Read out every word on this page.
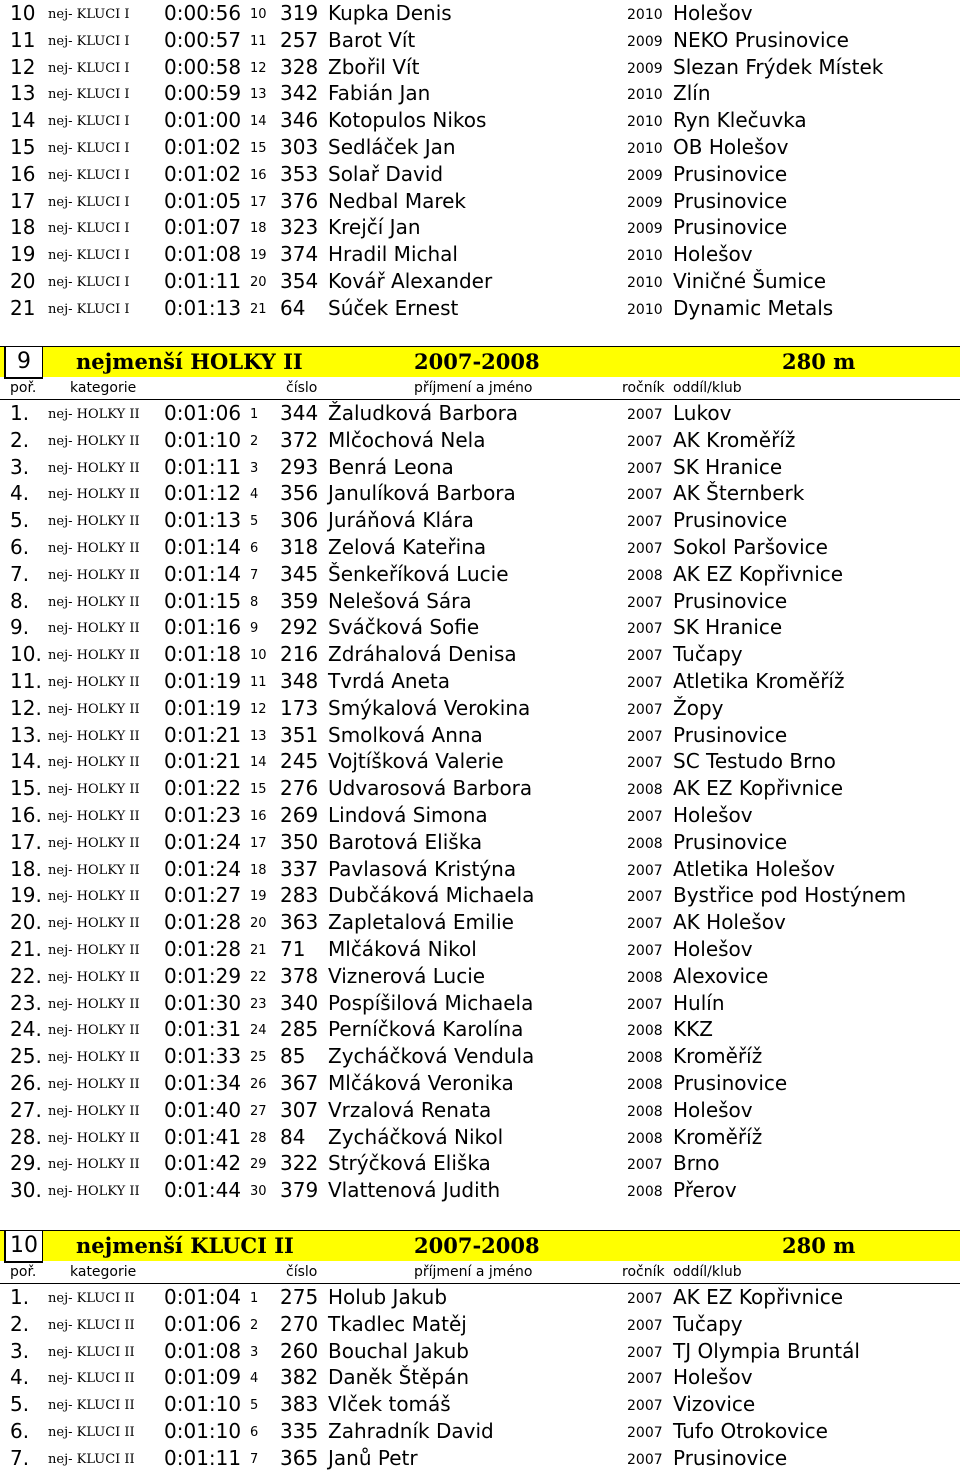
10 nej- KLUCI I 0:00:56 10 319 Kupka Denis	2010 Holešov
11 nej- KLUCI I 0:00:57 11 257 Barot Vít	2009 NEKO Prusinovice
12 nej- KLUCI I 0:00:58 12 328 Zbořil Vít	2009 Slezan Frýdek Místek
13 nej- KLUCI I 0:00:59 13 342 Fabián Jan	2010 Zlín
14 nej- KLUCI I 0:01:00 14 346 Kotopulos Nikos	2010 Ryn Klečuvka
15 nej- KLUCI I 0:01:02 15 303 Sedláček Jan	2010 OB Holešov
16 nej- KLUCI I 0:01:02 16 353 Solař David	2009 Prusinovice
17 nej- KLUCI I 0:01:05 17 376 Nedbal Marek	2009 Prusinovice
18 nej- KLUCI I 0:01:07 18 323 Krejčí Jan	2009 Prusinovice
19 nej- KLUCI I 0:01:08 19 374 Hradil Michal	2010 Holešov
20 nej- KLUCI I 0:01:11 20 354 Kovář Alexander	2010 Viničné Šumice
21 nej- KLUCI I 0:01:13 21 64 Súček Ernest	2010 Dynamic Metals
9	nejmenší HOLKY II	2007-2008	280 m
poř. kategorie	číslo	příjmení a jméno	ročník oddíl/klub
1. nej- HOLKY II 0:01:06 1 344 Žaludková Barbora	2007 Lukov
2. nej- HOLKY II 0:01:10 2 372 Mlčochová Nela	2007 AK Kroměříž
3. nej- HOLKY II 0:01:11 3 293 Benrá Leona	2007 SK Hranice
4. nej- HOLKY II 0:01:12 4 356 Janulíková Barbora	2007 AK Šternberk
5. nej- HOLKY II 0:01:13 5 306 Juráňová Klára	2007 Prusinovice
6. nej- HOLKY II 0:01:14 6 318 Zelová Kateřina	2007 Sokol Paršovice
7. nej- HOLKY II 0:01:14 7 345 Šenkeříková Lucie	2008 AK EZ Kopřivnice
8. nej- HOLKY II 0:01:15 8 359 Nelešová Sára	2007 Prusinovice
9. nej- HOLKY II 0:01:16 9 292 Sváčková Sofie	2007 SK Hranice
10. nej- HOLKY II 0:01:18 10 216 Zdráhalová Denisa	2007 Tučapy
11. nej- HOLKY II 0:01:19 11 348 Tvrdá Aneta	2007 Atletika Kroměříž
12. nej- HOLKY II 0:01:19 12 173 Smýkalová Verokina	2007 Žopy
13. nej- HOLKY II 0:01:21 13 351 Smolková Anna	2007 Prusinovice
14. nej- HOLKY II 0:01:21 14 245 Vojtíšková Valerie	2007 SC Testudo Brno
15. nej- HOLKY II 0:01:22 15 276 Udvarosová Barbora	2008 AK EZ Kopřivnice
16. nej- HOLKY II 0:01:23 16 269 Lindová Simona	2007 Holešov
17. nej- HOLKY II 0:01:24 17 350 Barotová Eliška	2008 Prusinovice
18. nej- HOLKY II 0:01:24 18 337 Pavlasová Kristýna	2007 Atletika Holešov
19. nej- HOLKY II 0:01:27 19 283 Dubčáková Michaela	2007 Bystřice pod Hostýnem
20. nej- HOLKY II 0:01:28 20 363 Zapletalová Emilie	2007 AK Holešov
21. nej- HOLKY II 0:01:28 21 71 Mlčáková Nikol	2007 Holešov
22. nej- HOLKY II 0:01:29 22 378 Viznerová Lucie	2008 Alexovice
23. nej- HOLKY II 0:01:30 23 340 Pospíšilová Michaela	2007 Hulín
24. nej- HOLKY II 0:01:31 24 285 Perníčková Karolína	2008 KKZ
25. nej- HOLKY II 0:01:33 25 85 Zycháčková Vendula	2008 Kroměříž
26. nej- HOLKY II 0:01:34 26 367 Mlčáková Veronika	2008 Prusinovice
27. nej- HOLKY II 0:01:40 27 307 Vrzalová Renata	2008 Holešov
28. nej- HOLKY II 0:01:41 28 84 Zycháčková Nikol	2008 Kroměříž
29. nej- HOLKY II 0:01:42 29 322 Strýčková Eliška	2007 Brno
30. nej- HOLKY II 0:01:44 30 379 Vlattenová Judith	2008 Přerov
10 nejmenší KLUCI II	2007-2008	280 m
poř. kategorie	číslo	příjmení a jméno	ročník oddíl/klub
1. nej- KLUCI II 0:01:04 1 275 Holub Jakub	2007 AK EZ Kopřivnice
2. nej- KLUCI II 0:01:06 2 270 Tkadlec Matěj	2007 Tučapy
3. nej- KLUCI II 0:01:08 3 260 Bouchal Jakub	2007 TJ Olympia Bruntál
4. nej- KLUCI II 0:01:09 4 382 Daněk Štěpán	2007 Holešov
5. nej- KLUCI II 0:01:10 5 383 Vlček tomáš	2007 Vizovice
6. nej- KLUCI II 0:01:10 6 335 Zahradník David	2007 Tufo Otrokovice
7. nej- KLUCI II 0:01:11 7 365 Janů Petr	2007 Prusinovice
